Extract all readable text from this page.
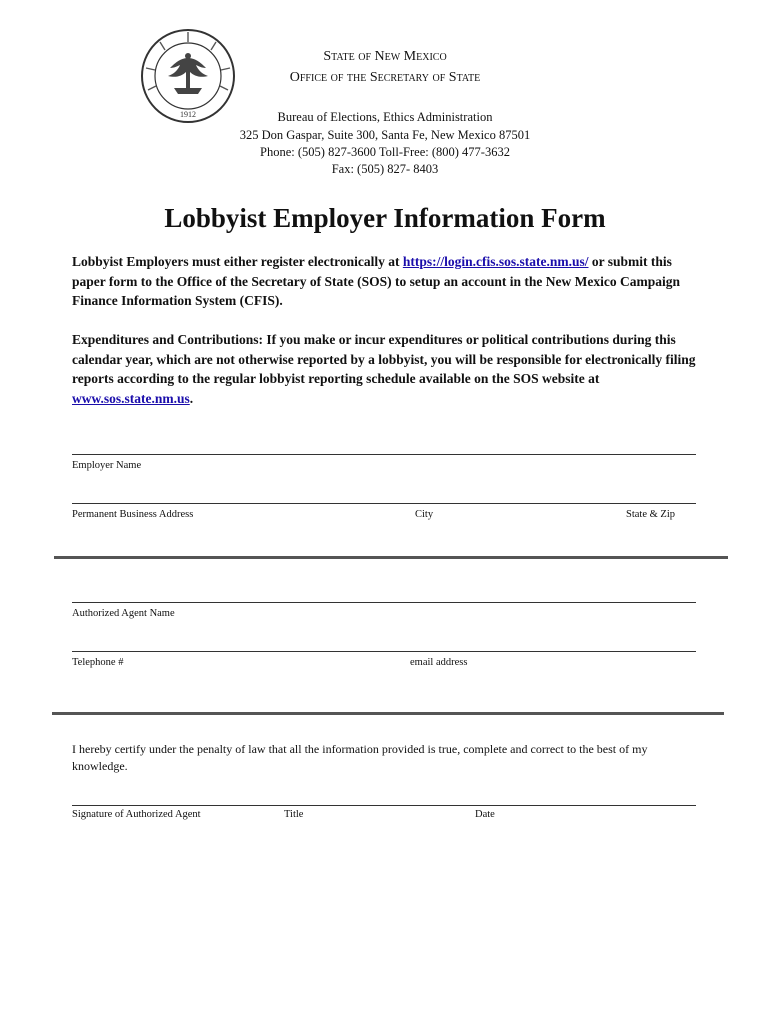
1912
State of New Mexico
Office of the Secretary of State
Bureau of Elections, Ethics Administration
325 Don Gaspar, Suite 300, Santa Fe, New Mexico 87501
Phone: (505) 827-3600 Toll-Free: (800) 477-3632
Fax: (505) 827- 8403
Lobbyist Employer Information Form
Lobbyist Employers must either register electronically at https://login.cfis.sos.state.nm.us/ or submit this paper form to the Office of the Secretary of State (SOS) to setup an account in the New Mexico Campaign Finance Information System (CFIS).
Expenditures and Contributions: If you make or incur expenditures or political contributions during this calendar year, which are not otherwise reported by a lobbyist, you will be responsible for electronically filing reports according to the regular lobbyist reporting schedule available on the SOS website at www.sos.state.nm.us.
Employer Name
Permanent Business Address	City	State & Zip
Authorized Agent Name
Telephone #	email address
I hereby certify under the penalty of law that all the information provided is true, complete and correct to the best of my knowledge.
Signature of Authorized Agent	Title	Date
